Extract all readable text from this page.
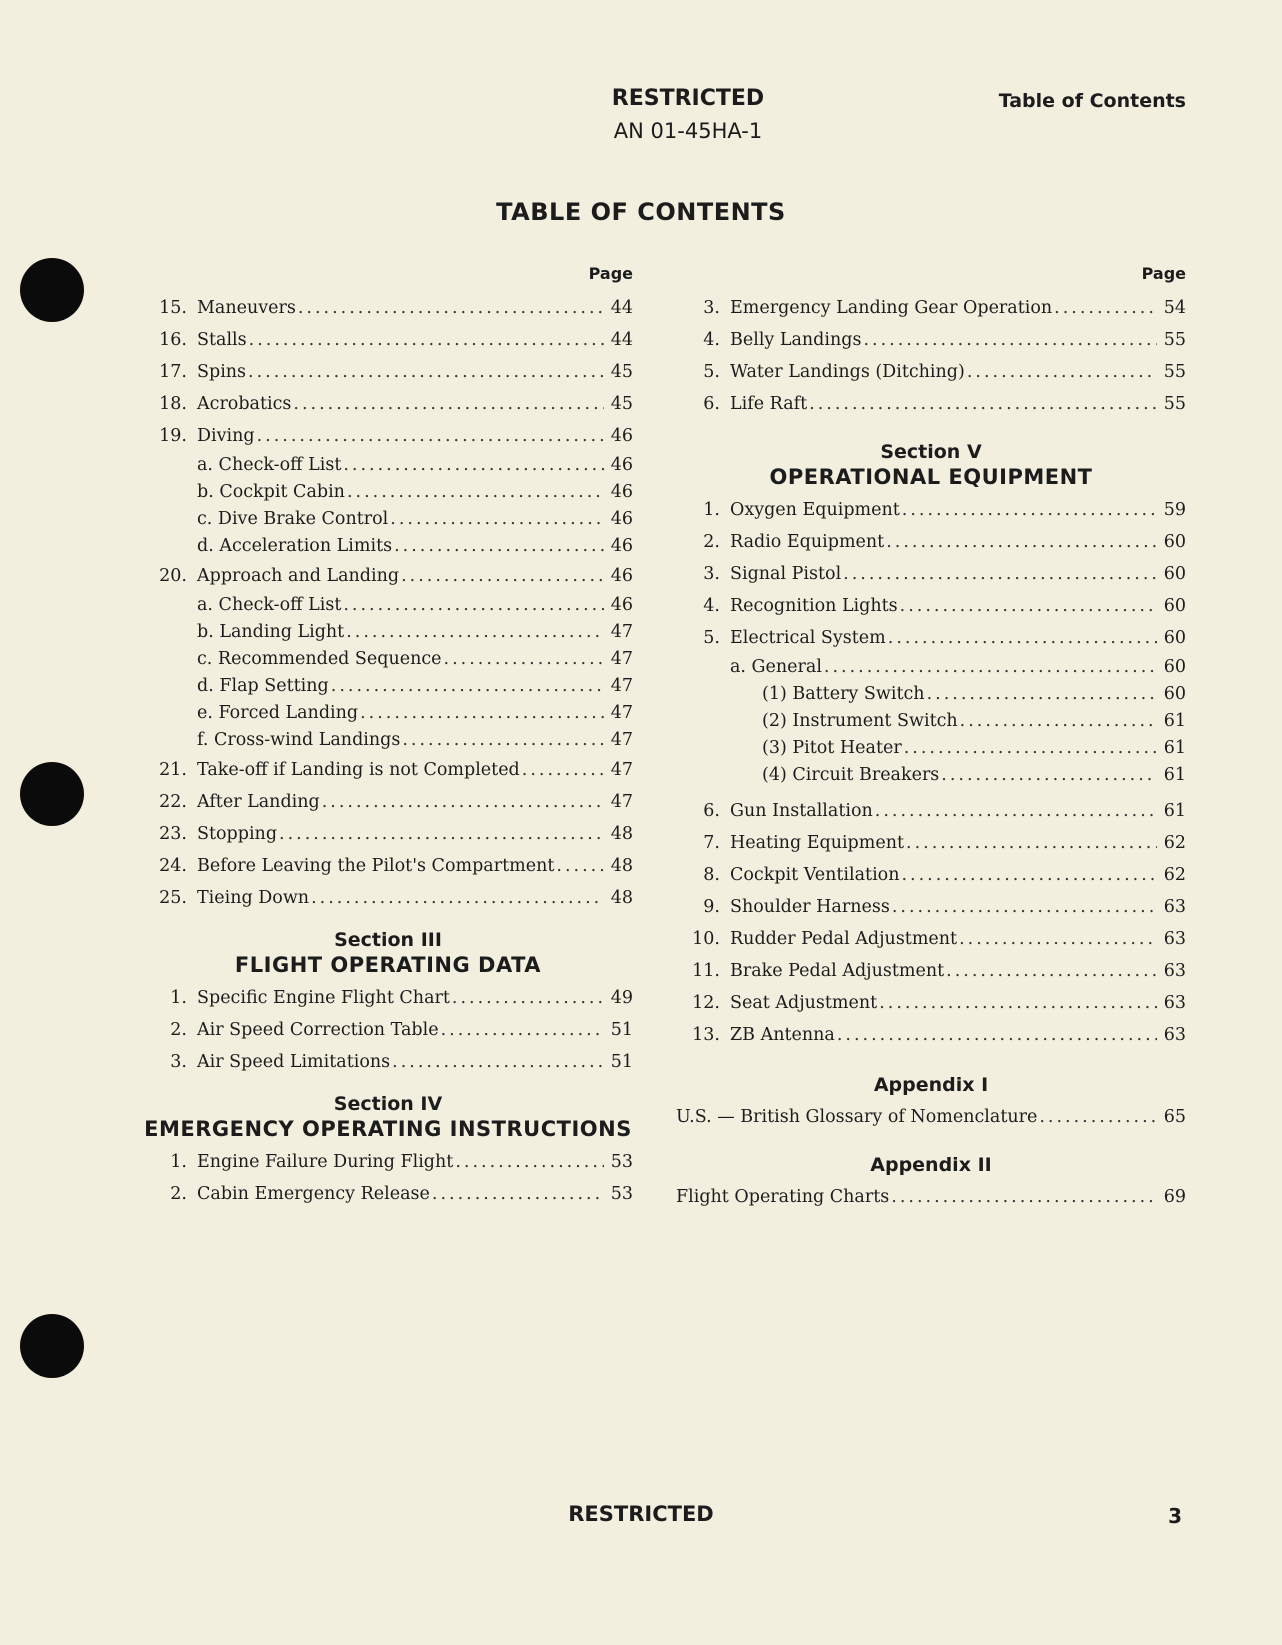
RESTRICTED
AN 01-45HA-1
Table of Contents
TABLE OF CONTENTS
Page
15. Maneuvers .....	44
16. Stalls .....	44
17. Spins .....	45
18. Acrobatics .....	45
19. Diving .....	46
a. Check-off List .....	46
b. Cockpit Cabin .....	46
c. Dive Brake Control .....	46
d. Acceleration Limits .....	46
20. Approach and Landing .....	46
a. Check-off List .....	46
b. Landing Light .....	47
c. Recommended Sequence .....	47
d. Flap Setting .....	47
e. Forced Landing .....	47
f. Cross-wind Landings .....	47
21. Take-off if Landing is not Completed .....	47
22. After Landing .....	47
23. Stopping .....	48
24. Before Leaving the Pilot's Compartment .....	48
25. Tieing Down .....	48
Section III
FLIGHT OPERATING DATA
1. Specific Engine Flight Chart .....	49
2. Air Speed Correction Table .....	51
3. Air Speed Limitations .....	51
Section IV
EMERGENCY OPERATING INSTRUCTIONS
1. Engine Failure During Flight .....	53
2. Cabin Emergency Release .....	53
Page
3. Emergency Landing Gear Operation .....	54
4. Belly Landings .....	55
5. Water Landings (Ditching) .....	55
6. Life Raft .....	55
Section V
OPERATIONAL EQUIPMENT
1. Oxygen Equipment .....	59
2. Radio Equipment .....	60
3. Signal Pistol .....	60
4. Recognition Lights .....	60
5. Electrical System .....	60
a. General .....	60
(1) Battery Switch .....	60
(2) Instrument Switch .....	61
(3) Pitot Heater .....	61
(4) Circuit Breakers .....	61
6. Gun Installation .....	61
7. Heating Equipment .....	62
8. Cockpit Ventilation .....	62
9. Shoulder Harness .....	63
10. Rudder Pedal Adjustment .....	63
11. Brake Pedal Adjustment .....	63
12. Seat Adjustment .....	63
13. ZB Antenna .....	63
Appendix I
U.S. — British Glossary of Nomenclature .....	65
Appendix II
Flight Operating Charts .....	69
RESTRICTED	3
